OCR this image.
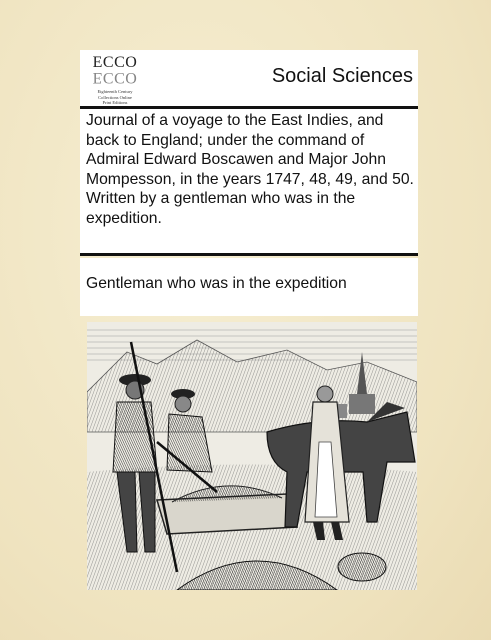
ECCO
ECCO
Eighteenth Century
Collections Online
Print Editions
Social Sciences
Journal of a voyage to the East Indies, and back to England; under the command of Admiral Edward Boscawen and Major John Mompesson, in the years 1747, 48, 49, and 50. Written by a gentleman who was in the expedition.
Gentleman who was in the expedition
